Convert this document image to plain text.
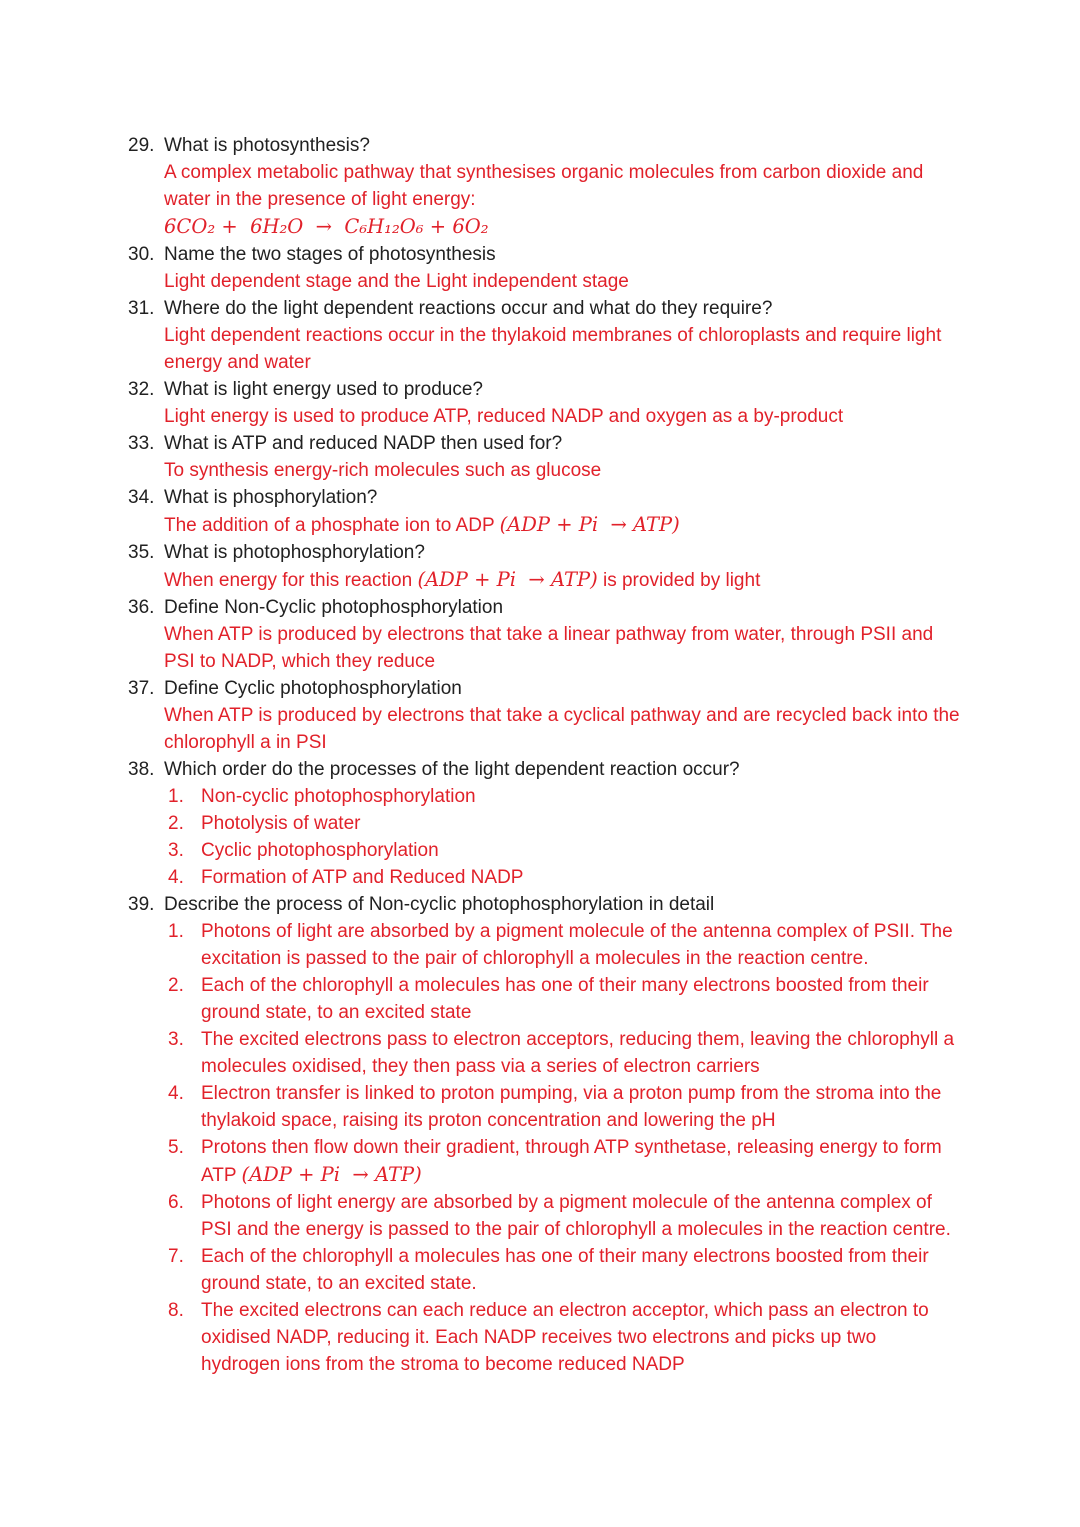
29. What is photosynthesis?
A complex metabolic pathway that synthesises organic molecules from carbon dioxide and water in the presence of light energy:
6CO₂ +  6H₂O  →  C₆H₁₂O₆ + 6O₂
30. Name the two stages of photosynthesis
Light dependent stage and the Light independent stage
31. Where do the light dependent reactions occur and what do they require?
Light dependent reactions occur in the thylakoid membranes of chloroplasts and require light energy and water
32. What is light energy used to produce?
Light energy is used to produce ATP, reduced NADP and oxygen as a by-product
33. What is ATP and reduced NADP then used for?
To synthesis energy-rich molecules such as glucose
34. What is phosphorylation?
The addition of a phosphate ion to ADP (ADP + Pi  → ATP)
35. What is photophosphorylation?
When energy for this reaction (ADP + Pi  → ATP) is provided by light
36. Define Non-Cyclic photophosphorylation
When ATP is produced by electrons that take a linear pathway from water, through PSII and PSI to NADP, which they reduce
37. Define Cyclic photophosphorylation
When ATP is produced by electrons that take a cyclical pathway and are recycled back into the chlorophyll a in PSI
38. Which order do the processes of the light dependent reaction occur?
1. Non-cyclic photophosphorylation
2. Photolysis of water
3. Cyclic photophosphorylation
4. Formation of ATP and Reduced NADP
39. Describe the process of Non-cyclic photophosphorylation in detail
1. Photons of light are absorbed by a pigment molecule of the antenna complex of PSII. The excitation is passed to the pair of chlorophyll a molecules in the reaction centre.
2. Each of the chlorophyll a molecules has one of their many electrons boosted from their ground state, to an excited state
3. The excited electrons pass to electron acceptors, reducing them, leaving the chlorophyll a molecules oxidised, they then pass via a series of electron carriers
4. Electron transfer is linked to proton pumping, via a proton pump from the stroma into the thylakoid space, raising its proton concentration and lowering the pH
5. Protons then flow down their gradient, through ATP synthetase, releasing energy to form ATP (ADP + Pi  → ATP)
6. Photons of light energy are absorbed by a pigment molecule of the antenna complex of PSI and the energy is passed to the pair of chlorophyll a molecules in the reaction centre.
7. Each of the chlorophyll a molecules has one of their many electrons boosted from their ground state, to an excited state.
8. The excited electrons can each reduce an electron acceptor, which pass an electron to oxidised NADP, reducing it. Each NADP receives two electrons and picks up two hydrogen ions from the stroma to become reduced NADP
